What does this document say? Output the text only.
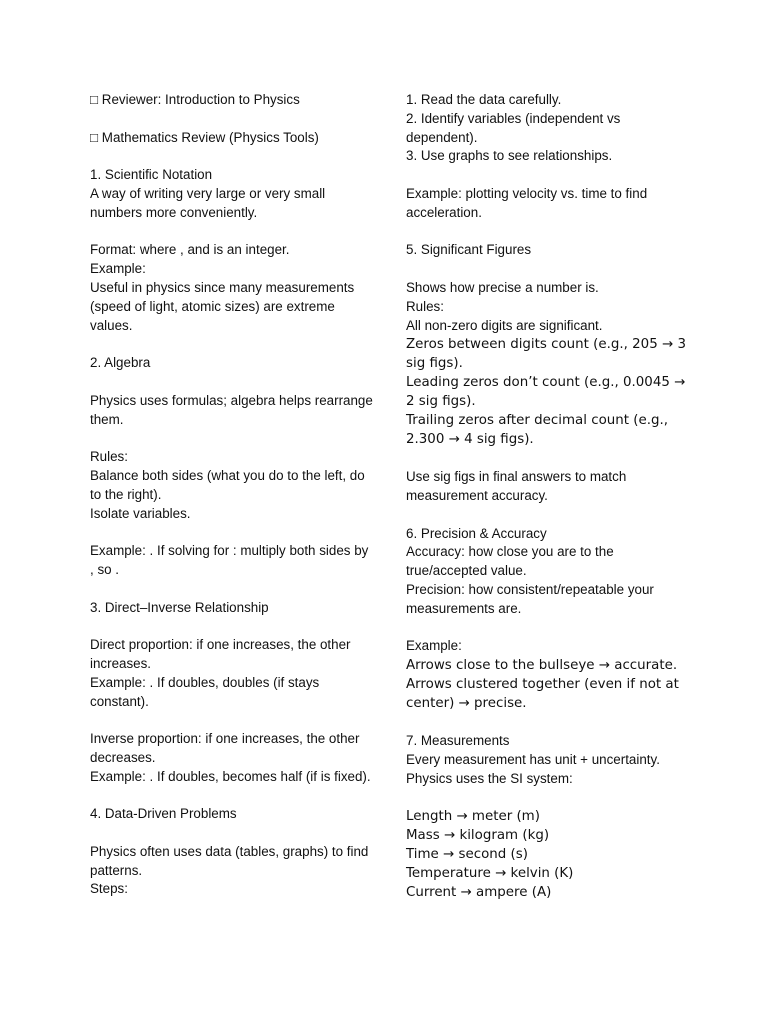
□ Reviewer: Introduction to Physics

□ Mathematics Review (Physics Tools)

1. Scientific Notation

A way of writing very large or very small numbers more conveniently.

Format: where , and is an integer.

Example:

Useful in physics since many measurements (speed of light, atomic sizes) are extreme values.

2. Algebra

Physics uses formulas; algebra helps rearrange them.

Rules:

Balance both sides (what you do to the left, do to the right).

Isolate variables.

Example: . If solving for : multiply both sides by , so .

3. Direct–Inverse Relationship

Direct proportion: if one increases, the other increases.

Example: . If doubles, doubles (if stays constant).

Inverse proportion: if one increases, the other decreases.

Example: . If doubles, becomes half (if is fixed).

4. Data-Driven Problems

Physics often uses data (tables, graphs) to find patterns.

Steps:

1. Read the data carefully.

2. Identify variables (independent vs dependent).

3. Use graphs to see relationships.

Example: plotting velocity vs. time to find acceleration.

5. Significant Figures

Shows how precise a number is.

Rules:

All non-zero digits are significant.

Zeros between digits count (e.g., 205 → 3 sig figs).

Leading zeros don’t count (e.g., 0.0045 → 2 sig figs).

Trailing zeros after decimal count (e.g., 2.300 → 4 sig figs).

Use sig figs in final answers to match measurement accuracy.

6. Precision & Accuracy

Accuracy: how close you are to the true/accepted value.

Precision: how consistent/repeatable your measurements are.

Example:

Arrows close to the bullseye → accurate.

Arrows clustered together (even if not at center) → precise.

7. Measurements

Every measurement has unit + uncertainty.

Physics uses the SI system:

Length → meter (m)

Mass → kilogram (kg)

Time → second (s)

Temperature → kelvin (K)

Current → ampere (A)
